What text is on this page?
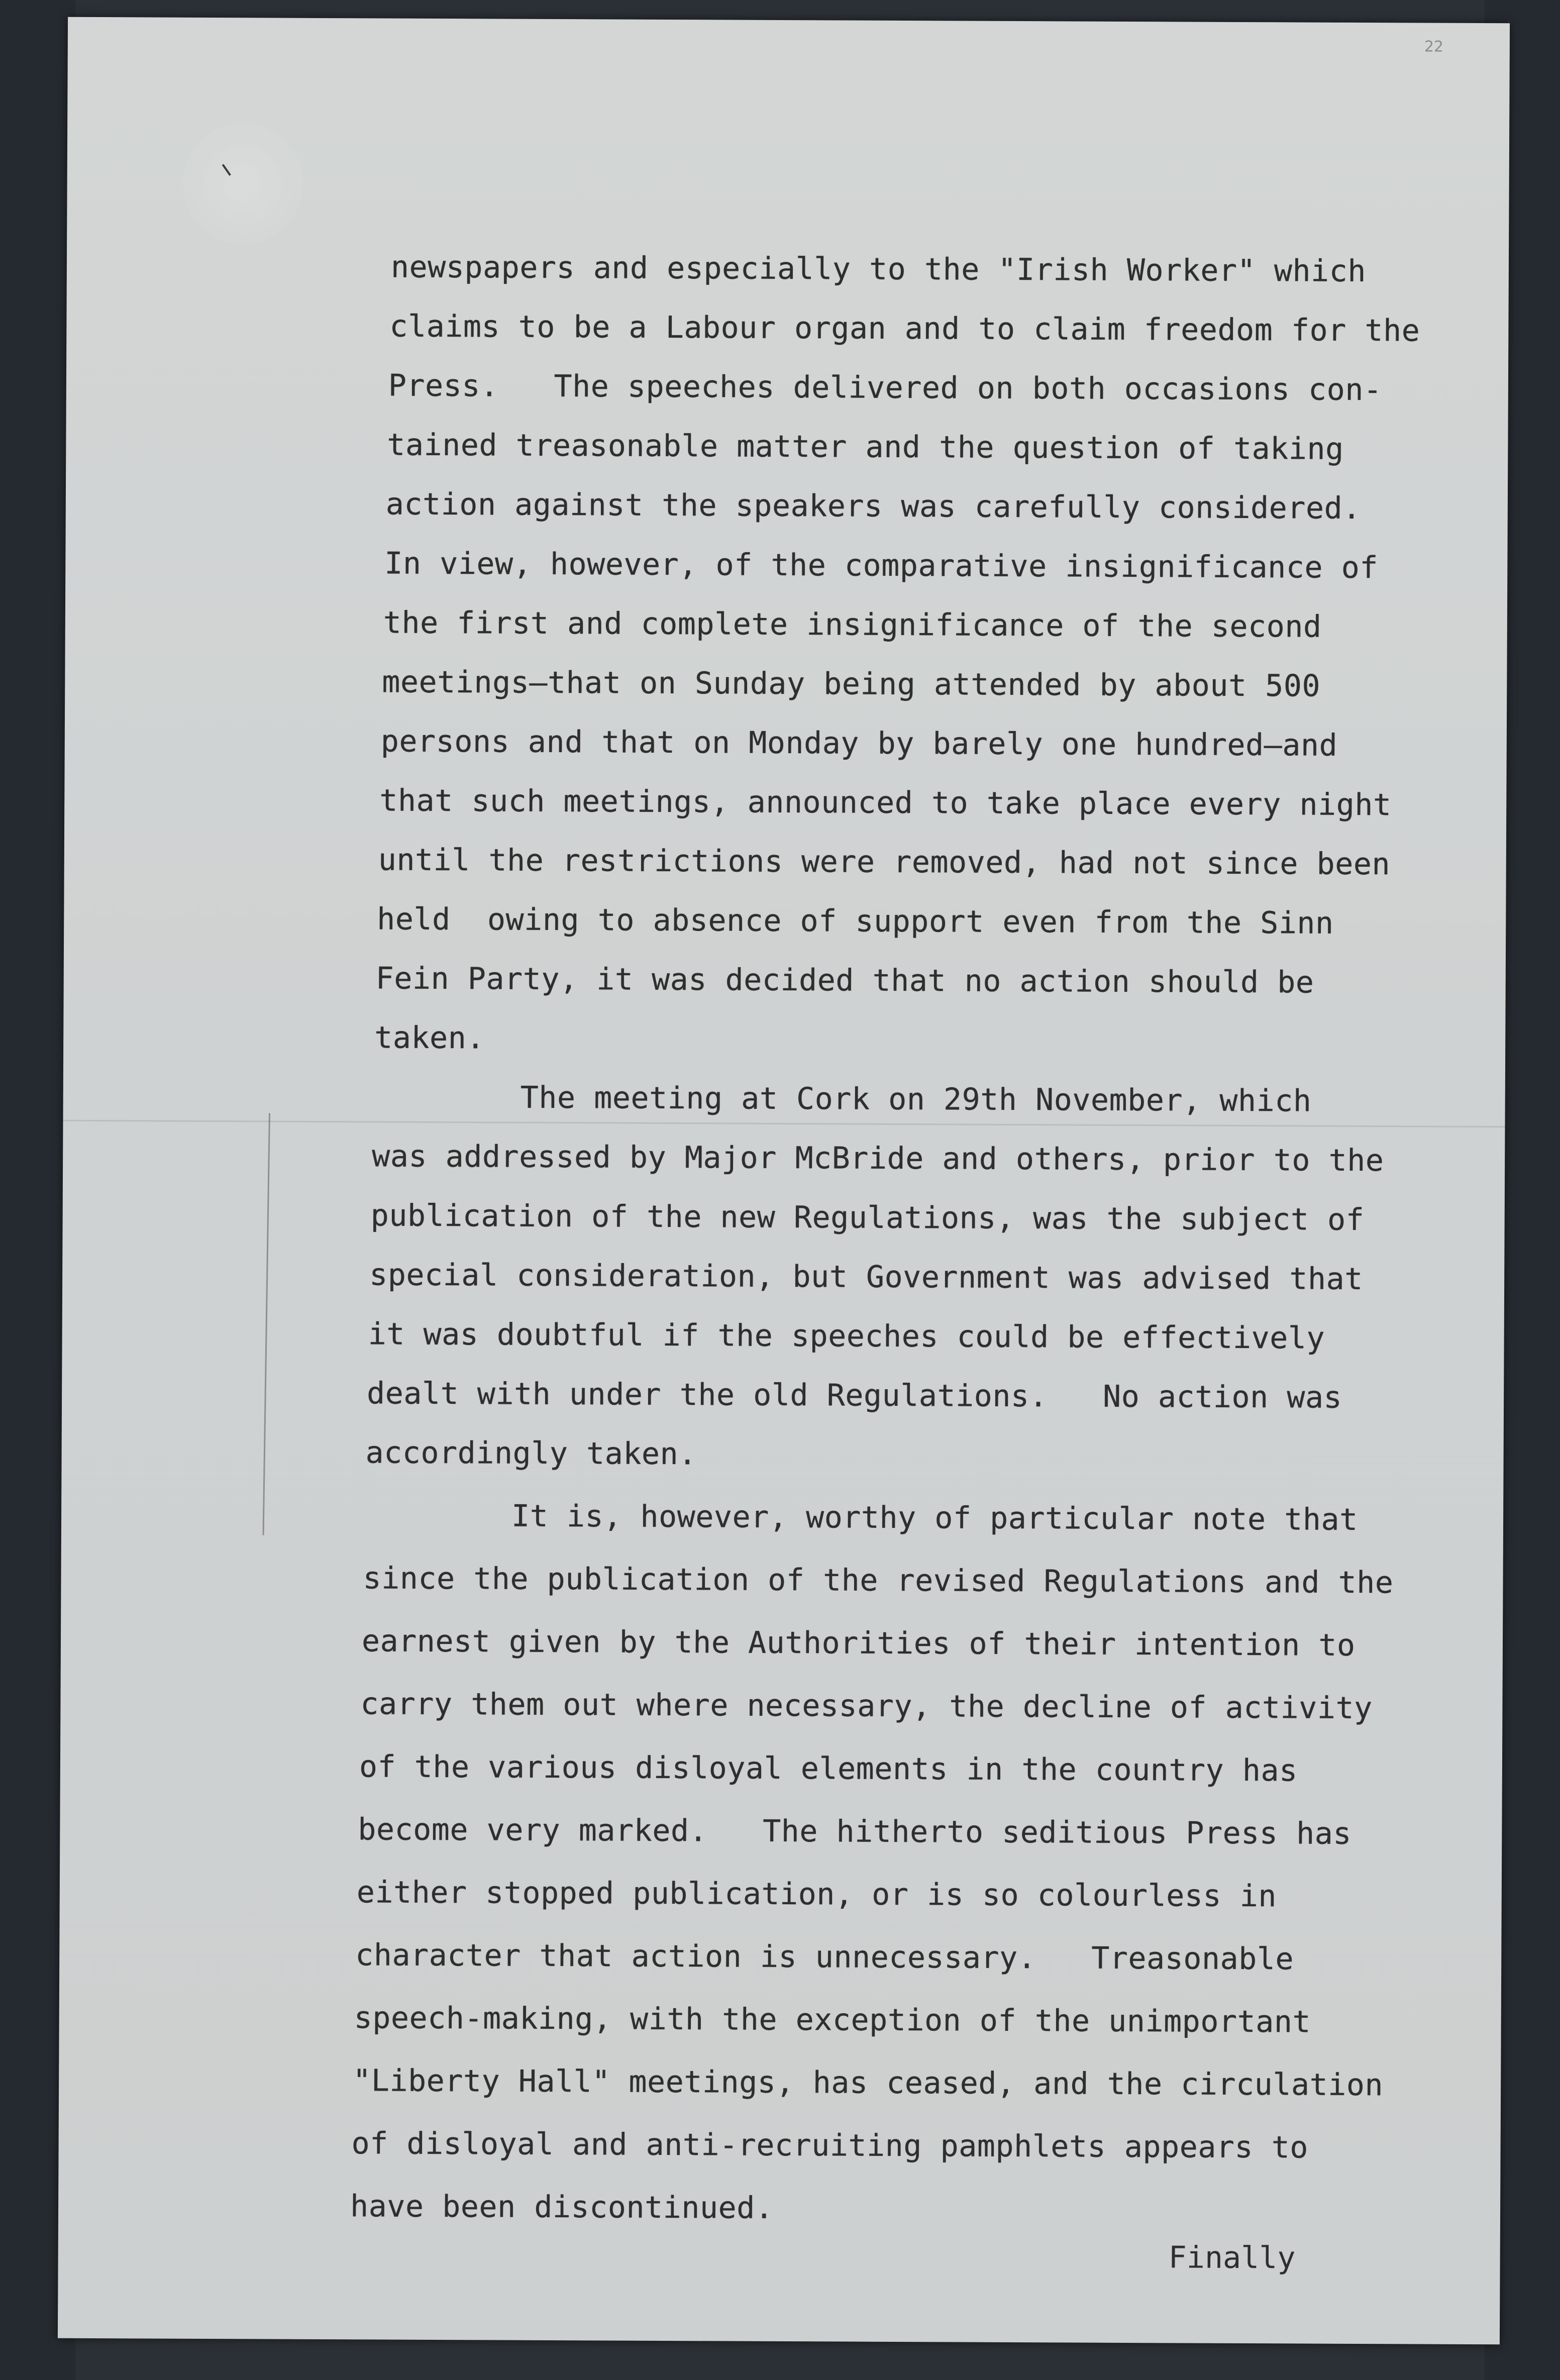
22

newspapers and especially to the "Irish Worker" which

claims to be a Labour organ and to claim freedom for the

Press.   The speeches delivered on both occasions con-

tained treasonable matter and the question of taking

action against the speakers was carefully considered.

In view, however, of the comparative insignificance of

the first and complete insignificance of the second

meetings—that on Sunday being attended by about 500

persons and that on Monday by barely one hundred—and

that such meetings, announced to take place every night

until the restrictions were removed, had not since been

held  owing to absence of support even from the Sinn

Fein Party, it was decided that no action should be

taken.

The meeting at Cork on 29th November, which

was addressed by Major McBride and others, prior to the

publication of the new Regulations, was the subject of

special consideration, but Government was advised that

it was doubtful if the speeches could be effectively

dealt with under the old Regulations.   No action was

accordingly taken.

It is, however, worthy of particular note that

since the publication of the revised Regulations and the

earnest given by the Authorities of their intention to

carry them out where necessary, the decline of activity

of the various disloyal elements in the country has

become very marked.   The hitherto seditious Press has

either stopped publication, or is so colourless in

character that action is unnecessary.   Treasonable

speech-making, with the exception of the unimportant

"Liberty Hall" meetings, has ceased, and the circulation

of disloyal and anti-recruiting pamphlets appears to

have been discontinued.

Finally
